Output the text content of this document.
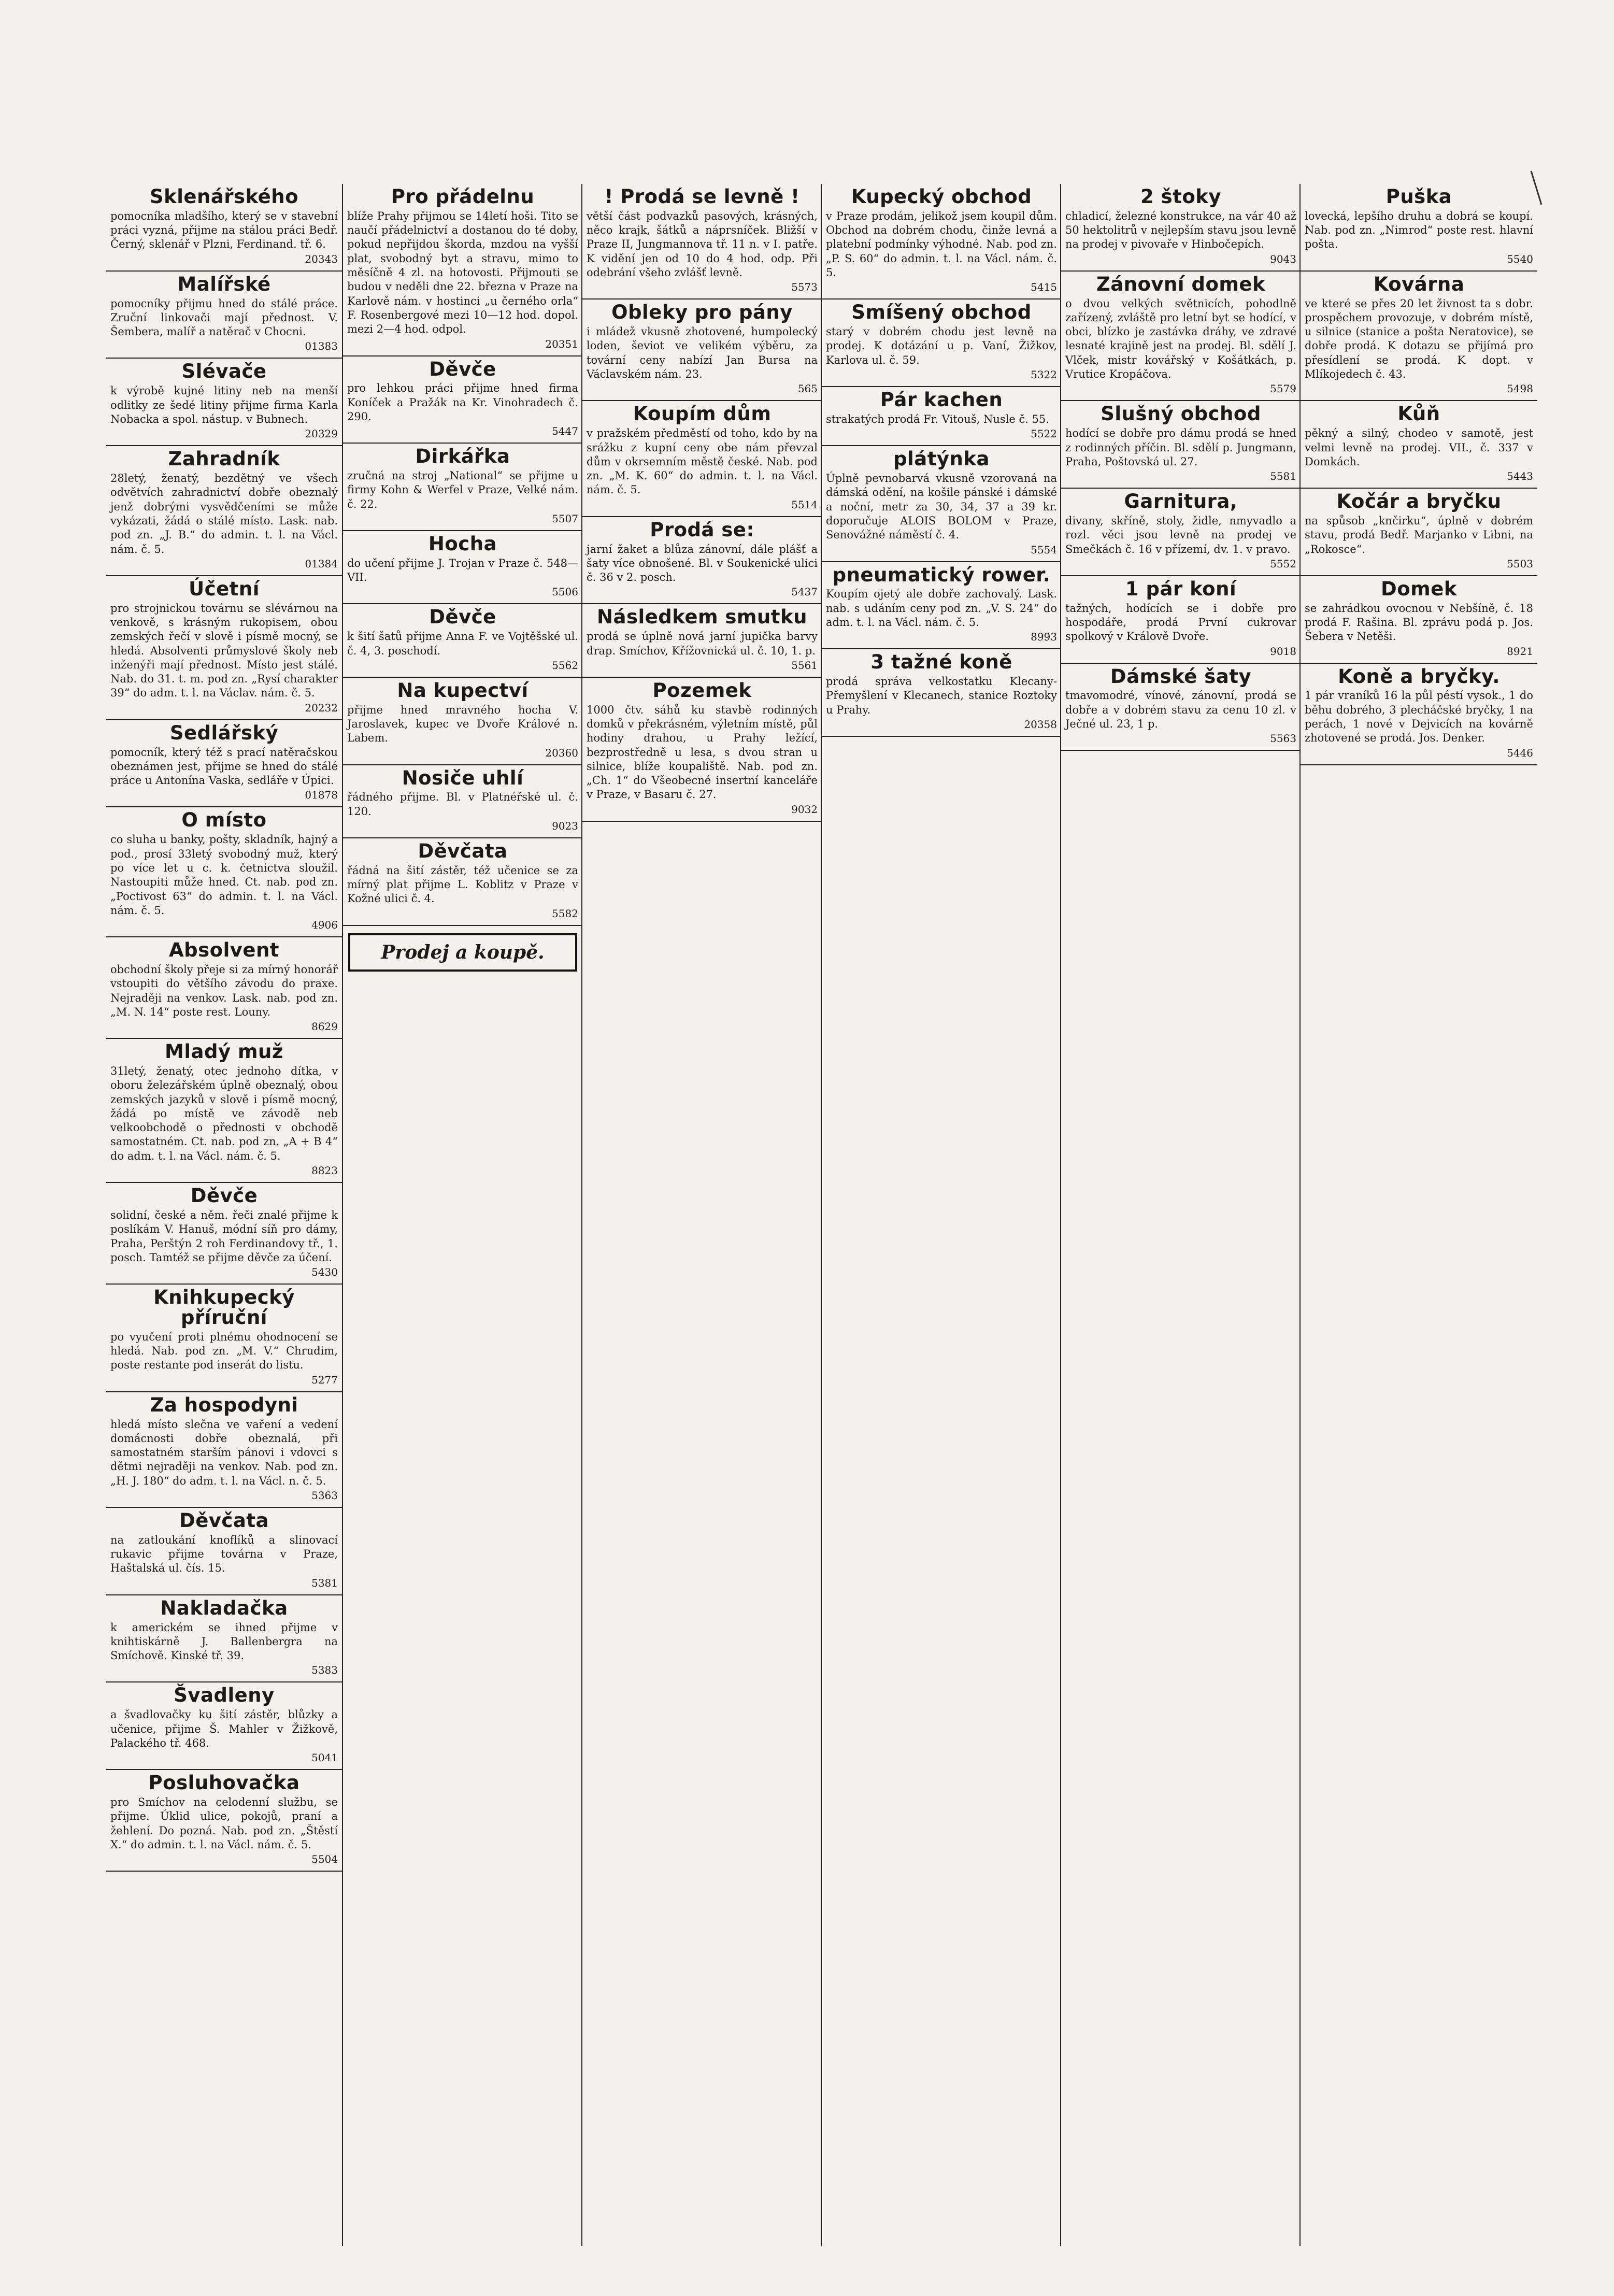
Sklenářského

pomocníka mladšího, který se v stavební práci vyzná, přijme na stálou práci Bedř. Černý, sklenář v Plzni, Ferdinand. tř. 6.

20343
Malířské

pomocníky přijmu hned do stálé práce. Zruční linkovači mají přednost. V. Šembera, malíř a natěrač v Chocni.

01383
Slévače

k výrobě kujné litiny neb na menší odlitky ze šedé litiny přijme firma Karla Nobacka a spol. nástup. v Bubnech.

20329
Zahradník

28letý, ženatý, bezdětný ve všech odvětvích zahradnictví dobře obeznalý jenž dobrými vysvědčeními se může vykázati, žádá o stálé místo. Lask. nab. pod zn. „J. B.“ do admin. t. l. na Václ. nám. č. 5.

01384
Účetní

pro strojnickou továrnu se slévárnou na venkově, s krásným rukopisem, obou zemských řečí v slově i písmě mocný, se hledá. Absolventi průmyslové školy neb inženýři mají přednost. Místo jest stálé. Nab. do 31. t. m. pod zn. „Rysí charakter 39“ do adm. t. l. na Václav. nám. č. 5.

20232
Sedlářský

pomocník, který též s prací natěračskou obeznámen jest, přijme se hned do stálé práce u Antonína Vaska, sedláře v Úpici.

01878
O místo

co sluha u banky, pošty, skladník, hajný a pod., prosí 33letý svobodný muž, který po více let u c. k. četnictva sloužil. Nastoupiti může hned. Ct. nab. pod zn. „Poctivost 63“ do admin. t. l. na Václ. nám. č. 5.

4906
Absolvent

obchodní školy přeje si za mírný honorář vstoupiti do většího závodu do praxe. Nejraději na venkov. Lask. nab. pod zn. „M. N. 14“ poste rest. Louny.

8629
Mladý muž

31letý, ženatý, otec jednoho dítka, v oboru železářském úplně obeznalý, obou zemských jazyků v slově i písmě mocný, žádá po místě ve závodě neb velkoobchodě o přednosti v obchodě samostatném. Ct. nab. pod zn. „A + B 4“ do adm. t. l. na Václ. nám. č. 5.

8823
Děvče

solidní, české a něm. řeči znalé přijme k poslíkám V. Hanuš, módní síň pro dámy, Praha, Perštýn 2 roh Ferdinandovy tř., 1. posch. Tamtéž se přijme děvče za účení.

5430
Knihkupecký příruční

po vyučení proti plnému ohodnocení se hledá. Nab. pod zn. „M. V.“ Chrudim, poste restante pod inserát do listu.

5277
Za hospodyni

hledá místo slečna ve vaření a vedení domácnosti dobře obeznalá, při samostatném starším pánovi i vdovci s dětmi nejraději na venkov. Nab. pod zn. „H. J. 180“ do adm. t. l. na Václ. n. č. 5.

5363
Děvčata

na zatloukání knoflíků a slinovací rukavic přijme továrna v Praze, Haštalská ul. čís. 15.

5381
Nakladačka

k americkém se ihned přijme v knihtiskárně J. Ballenbergra na Smíchově. Kinské tř. 39.

5383
Švadleny

a švadlovačky ku šití zástěr, blůzky a učenice, přijme Š. Mahler v Žižkově, Palackého tř. 468.

5041
Posluhovačka

pro Smíchov na celodenní službu, se přijme. Úklid ulice, pokojů, praní a žehlení. Do pozná. Nab. pod zn. „Štěstí X.“ do admin. t. l. na Václ. nám. č. 5.

5504
Pro přádelnu

blíže Prahy přijmou se 14letí hoši. Tito se naučí přádelnictví a dostanou do té doby, pokud nepřijdou škorda, mzdou na vyšší plat, svobodný byt a stravu, mimo to měsíčně 4 zl. na hotovosti. Přijmouti se budou v neděli dne 22. března v Praze na Karlově nám. v hostinci „u černého orla“ F. Rosenbergové mezi 10—12 hod. dopol. mezi 2—4 hod. odpol.

20351
Děvče

pro lehkou práci přijme hned firma Koníček a Pražák na Kr. Vinohradech č. 290.

5447
Dirkářka

zručná na stroj „National“ se přijme u firmy Kohn & Werfel v Praze, Velké nám. č. 22.

5507
Hocha

do učení přijme J. Trojan v Praze č. 548—VII.

5506
Děvče

k šití šatů přijme Anna F. ve Vojtěšské ul. č. 4, 3. poschodí.

5562
Na kupectví

přijme hned mravného hocha V. Jaroslavek, kupec ve Dvoře Králové n. Labem.

20360
Nosiče uhlí

řádného přijme. Bl. v Platnéřské ul. č. 120.

9023
Děvčata

řádná na šití zástěr, též učenice se za mírný plat přijme L. Koblitz v Praze v Kožné ulici č. 4.

5582
Prodej a koupě.
! Prodá se levně !

větší část podvazků pasových, krásných, něco krajk, šátků a náprsníček. Bližší v Praze II, Jungmannova tř. 11 n. v I. patře. K vidění jen od 10 do 4 hod. odp. Při odebrání všeho zvlášť levně.

5573
Obleky pro pány

i mládež vkusně zhotovené, humpolecký loden, ševiot ve velikém výběru, za tovární ceny nabízí Jan Bursa na Václavském nám. 23.

565
Koupím dům

v pražském předměstí od toho, kdo by na srážku z kupní ceny obe nám převzal dům v okrsemním městě české. Nab. pod zn. „M. K. 60“ do admin. t. l. na Václ. nám. č. 5.

5514
Prodá se:

jarní žaket a blůza zánovní, dále plášť a šaty více obnošené. Bl. v Soukenické ulici č. 36 v 2. posch.

5437
Následkem smutku

prodá se úplně nová jarní jupička barvy drap. Smíchov, Křížovnická ul. č. 10, 1. p.

5561
Pozemek

1000 čtv. sáhů ku stavbě rodinných domků v překrásném, výletním místě, půl hodiny drahou, u Prahy ležící, bezprostředně u lesa, s dvou stran u silnice, blíže koupaliště. Nab. pod zn. „Ch. 1“ do Všeobecné insertní kanceláře v Praze, v Basaru č. 27.

9032
Kupecký obchod

v Praze prodám, jelikož jsem koupil dům. Obchod na dobrém chodu, činže levná a platební podmínky výhodné. Nab. pod zn. „P. S. 60“ do admin. t. l. na Václ. nám. č. 5.

5415
Smíšený obchod

starý v dobrém chodu jest levně na prodej. K dotázání u p. Vaní, Žižkov, Karlova ul. č. 59.

5322
Pár kachen

strakatých prodá Fr. Vitouš, Nusle č. 55.

5522
plátýnka

Úplně pevnobarvá vkusně vzorovaná na dámská odění, na košile pánské i dámské a noční, metr za 30, 34, 37 a 39 kr. doporučuje ALOIS BOLOM v Praze, Senovážné náměstí č. 4.

5554
pneumatický rower.

Koupím ojetý ale dobře zachovalý. Lask. nab. s udáním ceny pod zn. „V. S. 24“ do adm. t. l. na Václ. nám. č. 5.

8993
3 tažné koně

prodá správa velkostatku Klecany-Přemyšlení v Klecanech, stanice Roztoky u Prahy.

20358
2 štoky

chladicí, železné konstrukce, na vár 40 až 50 hektolitrů v nejlepším stavu jsou levně na prodej v pivovaře v Hinbočepích.

9043
Zánovní domek

o dvou velkých světnicích, pohodlně zařízený, zvláště pro letní byt se hodící, v obci, blízko je zastávka dráhy, ve zdravé lesnaté krajině jest na prodej. Bl. sdělí J. Vlček, mistr kovářský v Košátkách, p. Vrutice Kropáčova.

5579
Slušný obchod

hodící se dobře pro dámu prodá se hned z rodinných příčin. Bl. sdělí p. Jungmann, Praha, Poštovská ul. 27.

5581
Garnitura,

divany, skříně, stoly, židle, nmyvadlo a rozl. věci jsou levně na prodej ve Smečkách č. 16 v přízemí, dv. 1. v pravo.

5552
1 pár koní

tažných, hodících se i dobře pro hospodáře, prodá První cukrovar spolkový v Králově Dvoře.

9018
Dámské šaty

tmavomodré, vínové, zánovní, prodá se dobře a v dobrém stavu za cenu 10 zl. v Ječné ul. 23, 1 p.

5563
Puška

lovecká, lepšího druhu a dobrá se koupí. Nab. pod zn. „Nimrod“ poste rest. hlavní pošta.

5540
Kovárna

ve které se přes 20 let živnost ta s dobr. prospěchem provozuje, v dobrém místě, u silnice (stanice a pošta Neratovice), se dobře prodá. K dotazu se přijímá pro přesídlení se prodá. K dopt. v Mlíkojedech č. 43.

5498
Kůň

pěkný a silný, chodeo v samotě, jest velmi levně na prodej. VII., č. 337 v Domkách.

5443
Kočár a bryčku

na spůsob „knčirku“, úplně v dobrém stavu, prodá Bedř. Marjanko v Libni, na „Rokosce“.

5503
Domek

se zahrádkou ovocnou v Nebšíně, č. 18 prodá F. Rašina. Bl. zprávu podá p. Jos. Šebera v Netěši.

8921
Koně a bryčky.

1 pár vraníků 16 la půl péstí vysok., 1 do běhu dobrého, 3 plecháčské bryčky, 1 na perách, 1 nové v Dejvicích na kovárně zhotovené se prodá. Jos. Denker.

5446
